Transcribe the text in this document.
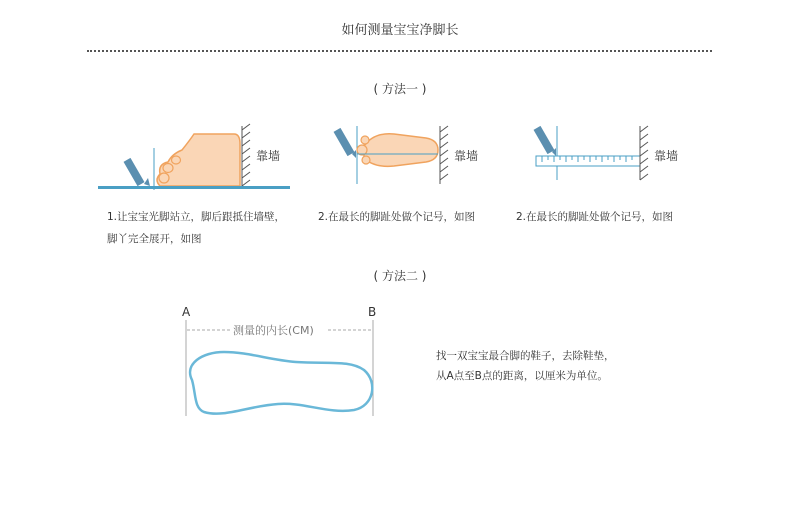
如何测量宝宝净脚长
( 方法一 )
靠墙	靠墙	靠墙
1.让宝宝光脚站立，脚后跟抵住墙壁，
脚丫完全展开，如图
2.在最长的脚趾处做个记号，如图	2.在最长的脚趾处做个记号，如图
( 方法二 )
A	B
测量的内长(CM)
找一双宝宝最合脚的鞋子，去除鞋垫，
从A点至B点的距离，以厘米为单位。
